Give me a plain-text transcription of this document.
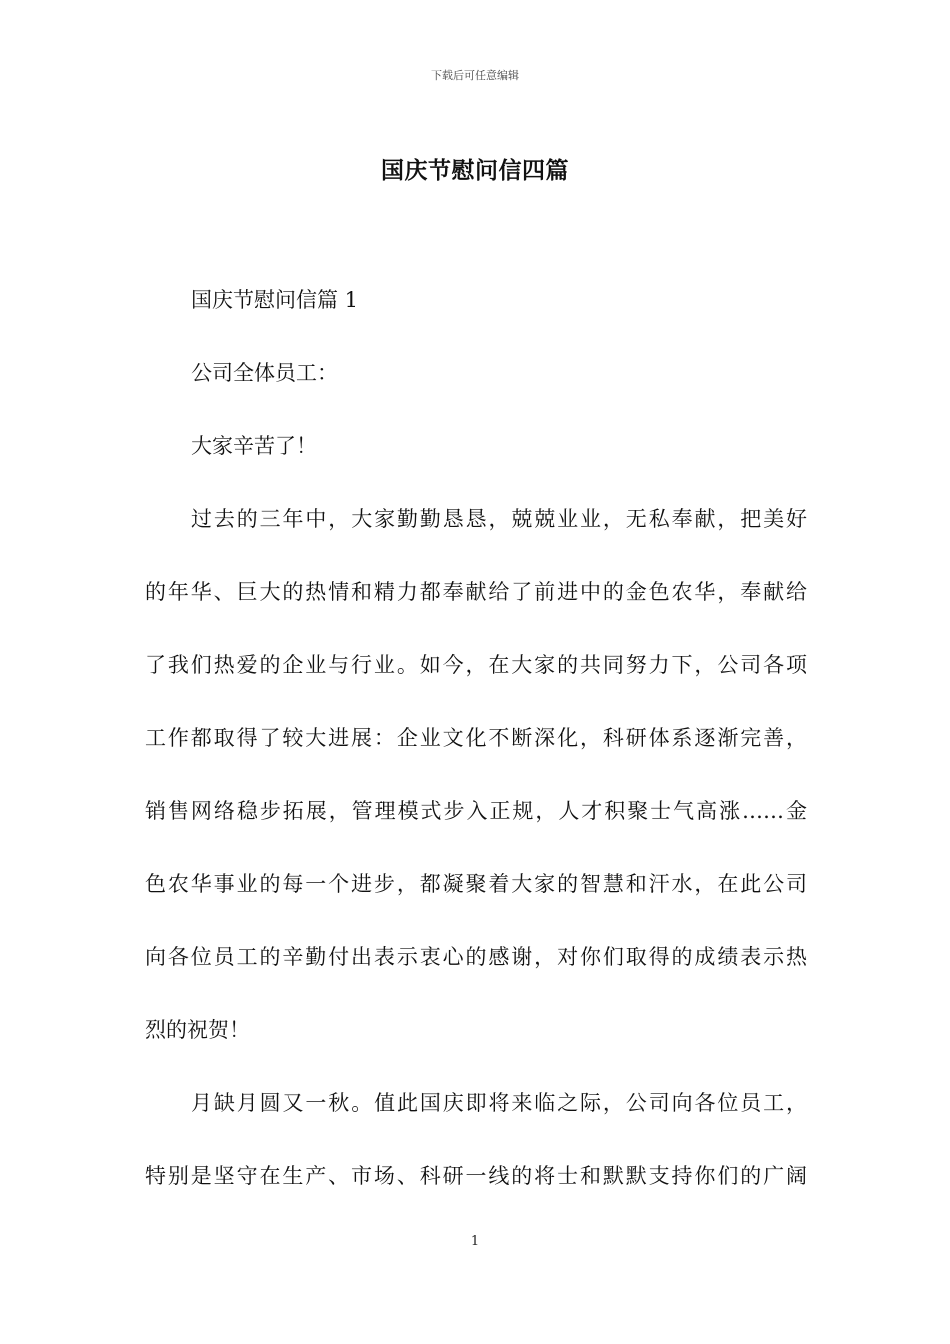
下载后可任意编辑
国庆节慰问信四篇
国庆节慰问信篇 1
公司全体员工：
大家辛苦了！
过去的三年中，大家勤勤恳恳，兢兢业业，无私奉献，把美好
的年华、巨大的热情和精力都奉献给了前进中的金色农华，奉献给
了我们热爱的企业与行业。如今，在大家的共同努力下，公司各项
工作都取得了较大进展：企业文化不断深化，科研体系逐渐完善，
销售网络稳步拓展，管理模式步入正规，人才积聚士气高涨……金
色农华事业的每一个进步，都凝聚着大家的智慧和汗水，在此公司
向各位员工的辛勤付出表示衷心的感谢，对你们取得的成绩表示热
烈的祝贺！
月缺月圆又一秋。值此国庆即将来临之际，公司向各位员工，
特别是坚守在生产、市场、科研一线的将士和默默支持你们的广阔
1
